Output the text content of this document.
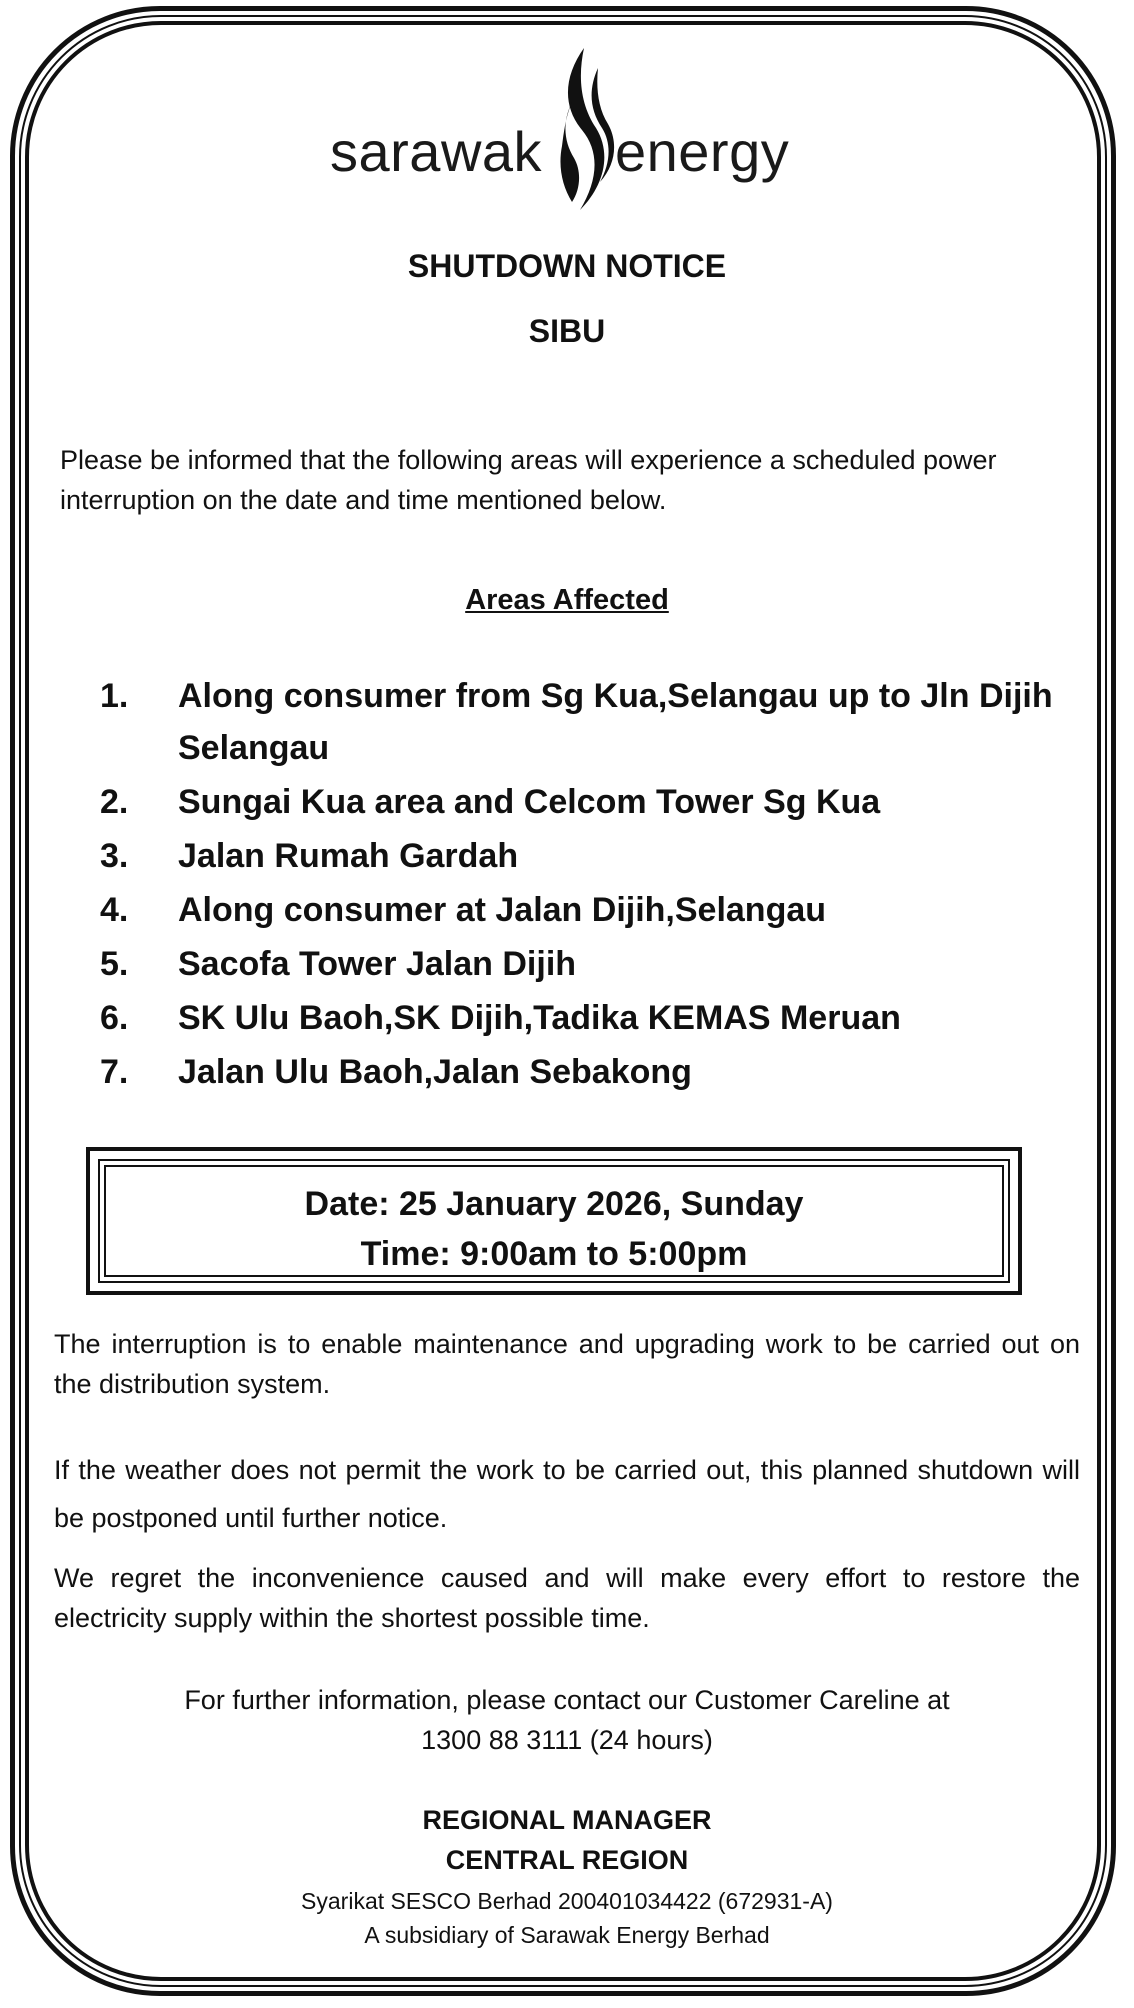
sarawak energy
SHUTDOWN NOTICE
SIBU
Please be informed that the following areas will experience a scheduled power interruption on the date and time mentioned below.
Areas Affected
1.	Along consumer from Sg Kua,Selangau up to Jln Dijih Selangau
2.	Sungai Kua area and Celcom Tower Sg Kua
3.	Jalan Rumah Gardah
4.	Along consumer at Jalan Dijih,Selangau
5.	Sacofa Tower Jalan Dijih
6.	SK Ulu Baoh,SK Dijih,Tadika KEMAS Meruan
7.	Jalan Ulu Baoh,Jalan Sebakong
Date: 25 January 2026, Sunday
Time: 9:00am to 5:00pm
The interruption is to enable maintenance and upgrading work to be carried out on the distribution system.
If the weather does not permit the work to be carried out, this planned shutdown will be postponed until further notice.
We regret the inconvenience caused and will make every effort to restore the electricity supply within the shortest possible time.
For further information, please contact our Customer Careline at
1300 88 3111 (24 hours)
REGIONAL MANAGER
CENTRAL REGION
Syarikat SESCO Berhad 200401034422 (672931-A)
A subsidiary of Sarawak Energy Berhad
